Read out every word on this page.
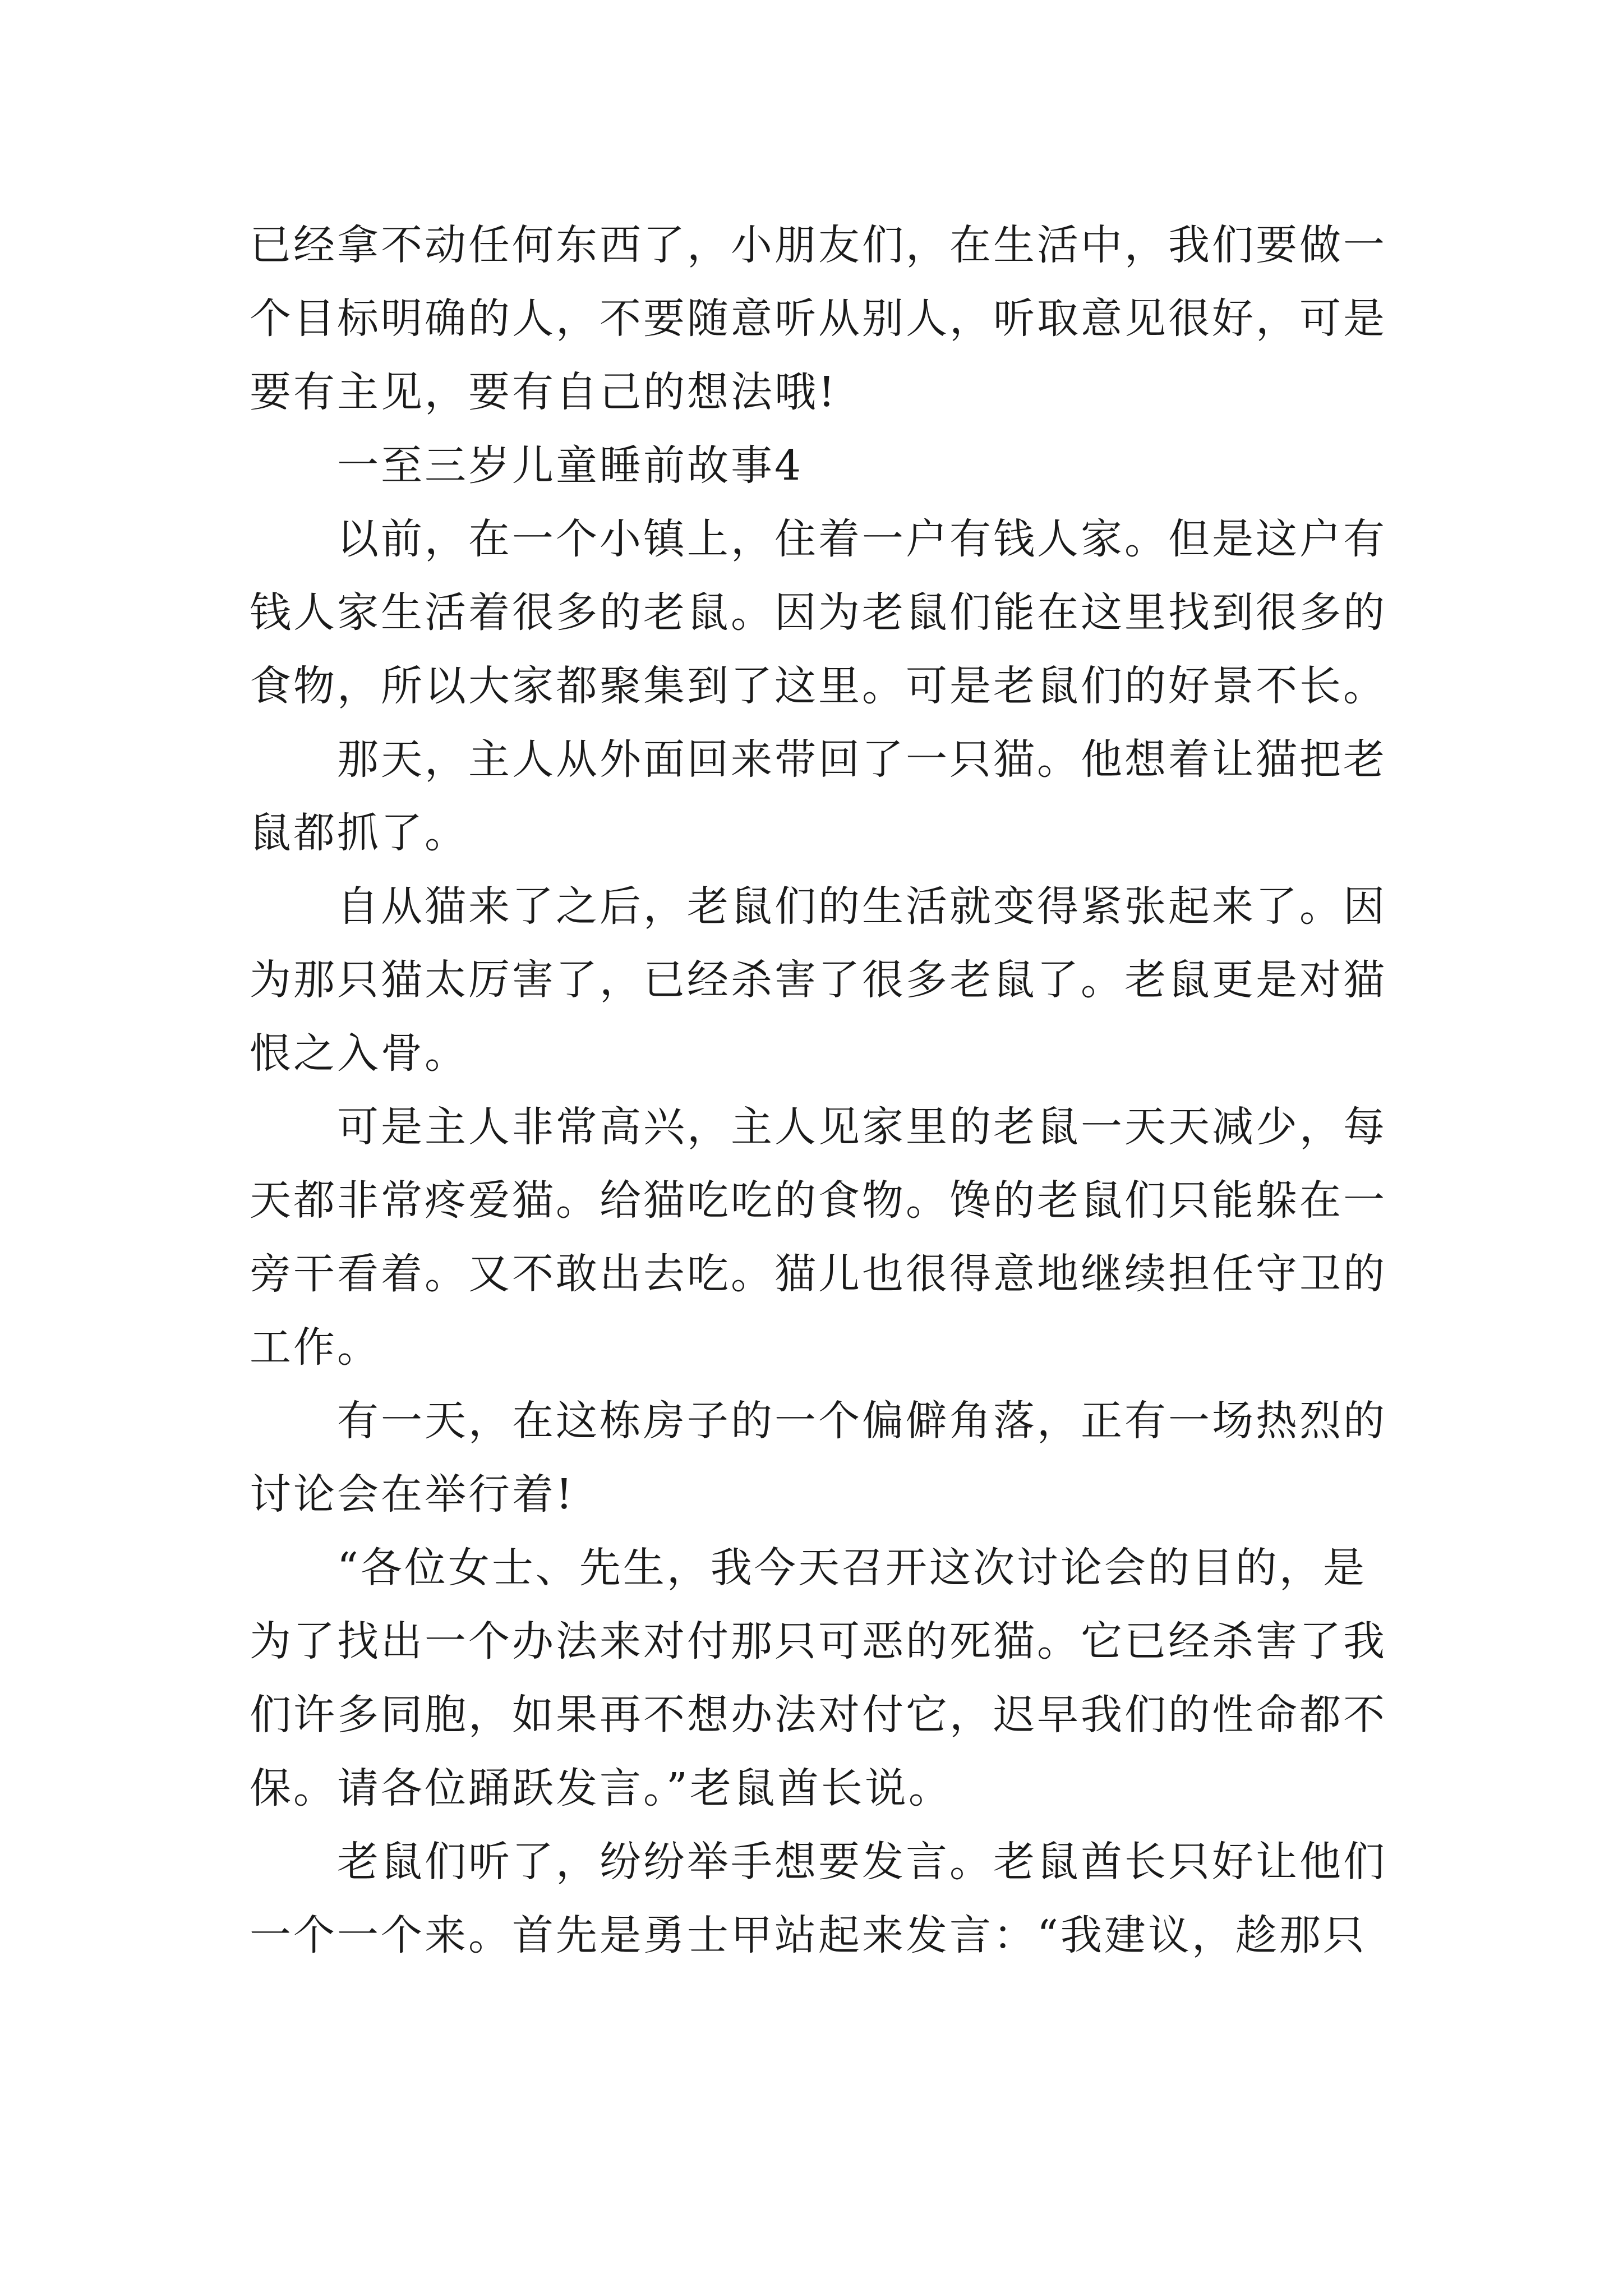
已经拿不动任何东西了，小朋友们，在生活中，我们要做一
个目标明确的人，不要随意听从别人，听取意见很好，可是
要有主见，要有自己的想法哦!

一至三岁儿童睡前故事4

以前，在一个小镇上，住着一户有钱人家。但是这户有
钱人家生活着很多的老鼠。因为老鼠们能在这里找到很多的
食物，所以大家都聚集到了这里。可是老鼠们的好景不长。

那天，主人从外面回来带回了一只猫。他想着让猫把老
鼠都抓了。

自从猫来了之后，老鼠们的生活就变得紧张起来了。因
为那只猫太厉害了，已经杀害了很多老鼠了。老鼠更是对猫
恨之入骨。

可是主人非常高兴，主人见家里的老鼠一天天减少，每
天都非常疼爱猫。给猫吃吃的食物。馋的老鼠们只能躲在一
旁干看着。又不敢出去吃。猫儿也很得意地继续担任守卫的
工作。

有一天，在这栋房子的一个偏僻角落，正有一场热烈的
讨论会在举行着!

“各位女士、先生，我今天召开这次讨论会的目的，是
为了找出一个办法来对付那只可恶的死猫。它已经杀害了我
们许多同胞，如果再不想办法对付它，迟早我们的性命都不
保。请各位踊跃发言。”老鼠酋长说。

老鼠们听了，纷纷举手想要发言。老鼠酋长只好让他们
一个一个来。首先是勇士甲站起来发言：“我建议，趁那只
